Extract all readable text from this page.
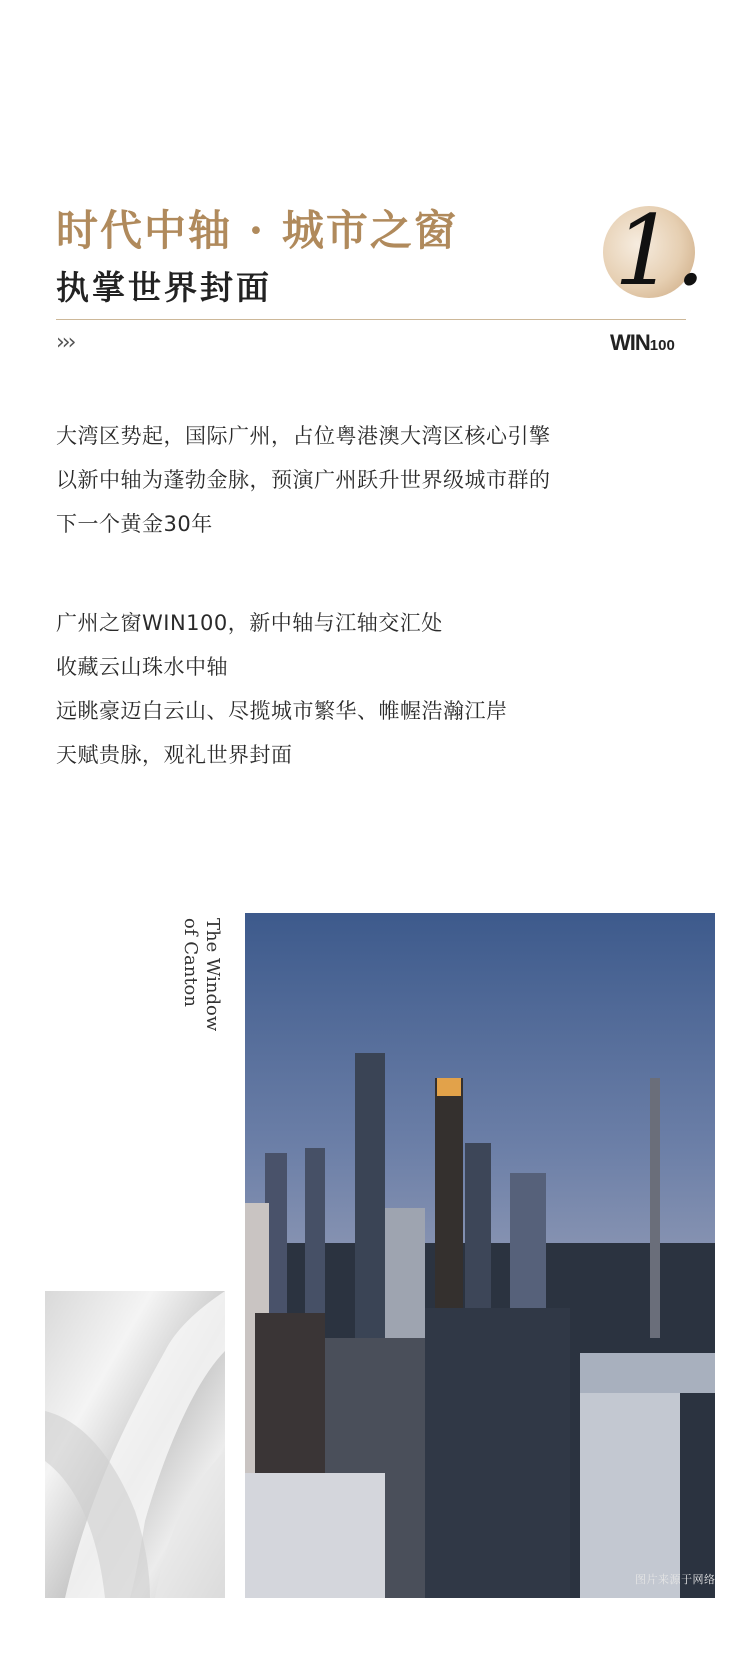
时代中轴 · 城市之窗
执掌世界封面	1.
›››	WIN100
大湾区势起，国际广州，占位粤港澳大湾区核心引擎
以新中轴为蓬勃金脉，预演广州跃升世界级城市群的
下一个黄金30年
广州之窗WIN100，新中轴与江轴交汇处
收藏云山珠水中轴
远眺豪迈白云山、尽揽城市繁华、帷幄浩瀚江岸
天赋贵脉，观礼世界封面
The Window
of Canton
图片来源于网络
